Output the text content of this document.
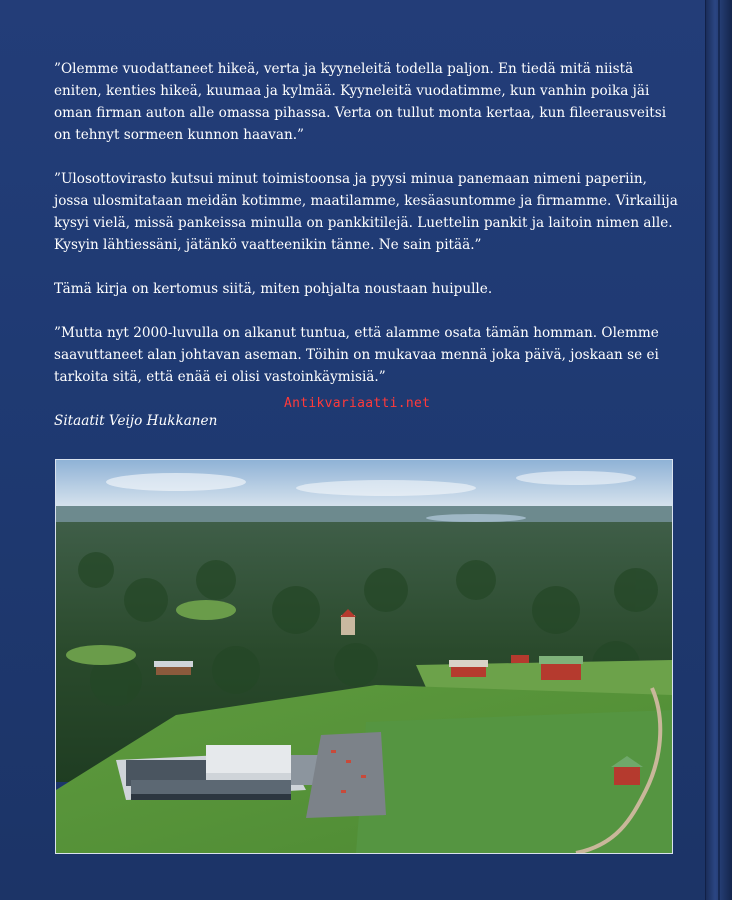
”Olemme vuodattaneet hikeä, verta ja kyyneleitä todella paljon. En tiedä mitä niistä eniten, kenties hikeä, kuumaa ja kylmää. Kyyneleitä vuodatimme, kun vanhin poika jäi oman firman auton alle omassa pihassa. Verta on tullut monta kertaa, kun fileerausveitsi on tehnyt sormeen kunnon haavan.”

”Ulosottovirasto kutsui minut toimistoonsa ja pyysi minua panemaan nimeni paperiin, jossa ulosmitataan meidän kotimme, maatilamme, kesäasuntomme ja firmamme. Virkailija kysyi vielä, missä pankeissa minulla on pankkitilejä. Luettelin pankit ja laitoin nimen alle. Kysyin lähtiessäni, jätänkö vaatteenikin tänne. Ne sain pitää.”

Tämä kirja on kertomus siitä, miten pohjalta noustaan huipulle.

”Mutta nyt 2000-luvulla on alkanut tuntua, että alamme osata tämän homman. Olemme saavuttaneet alan johtavan aseman. Töihin on mukavaa mennä joka päivä, joskaan se ei tarkoita sitä, että enää ei olisi vastoinkäymisiä.”

Sitaatit Veijo Hukkanen

Antikvariaatti.net
